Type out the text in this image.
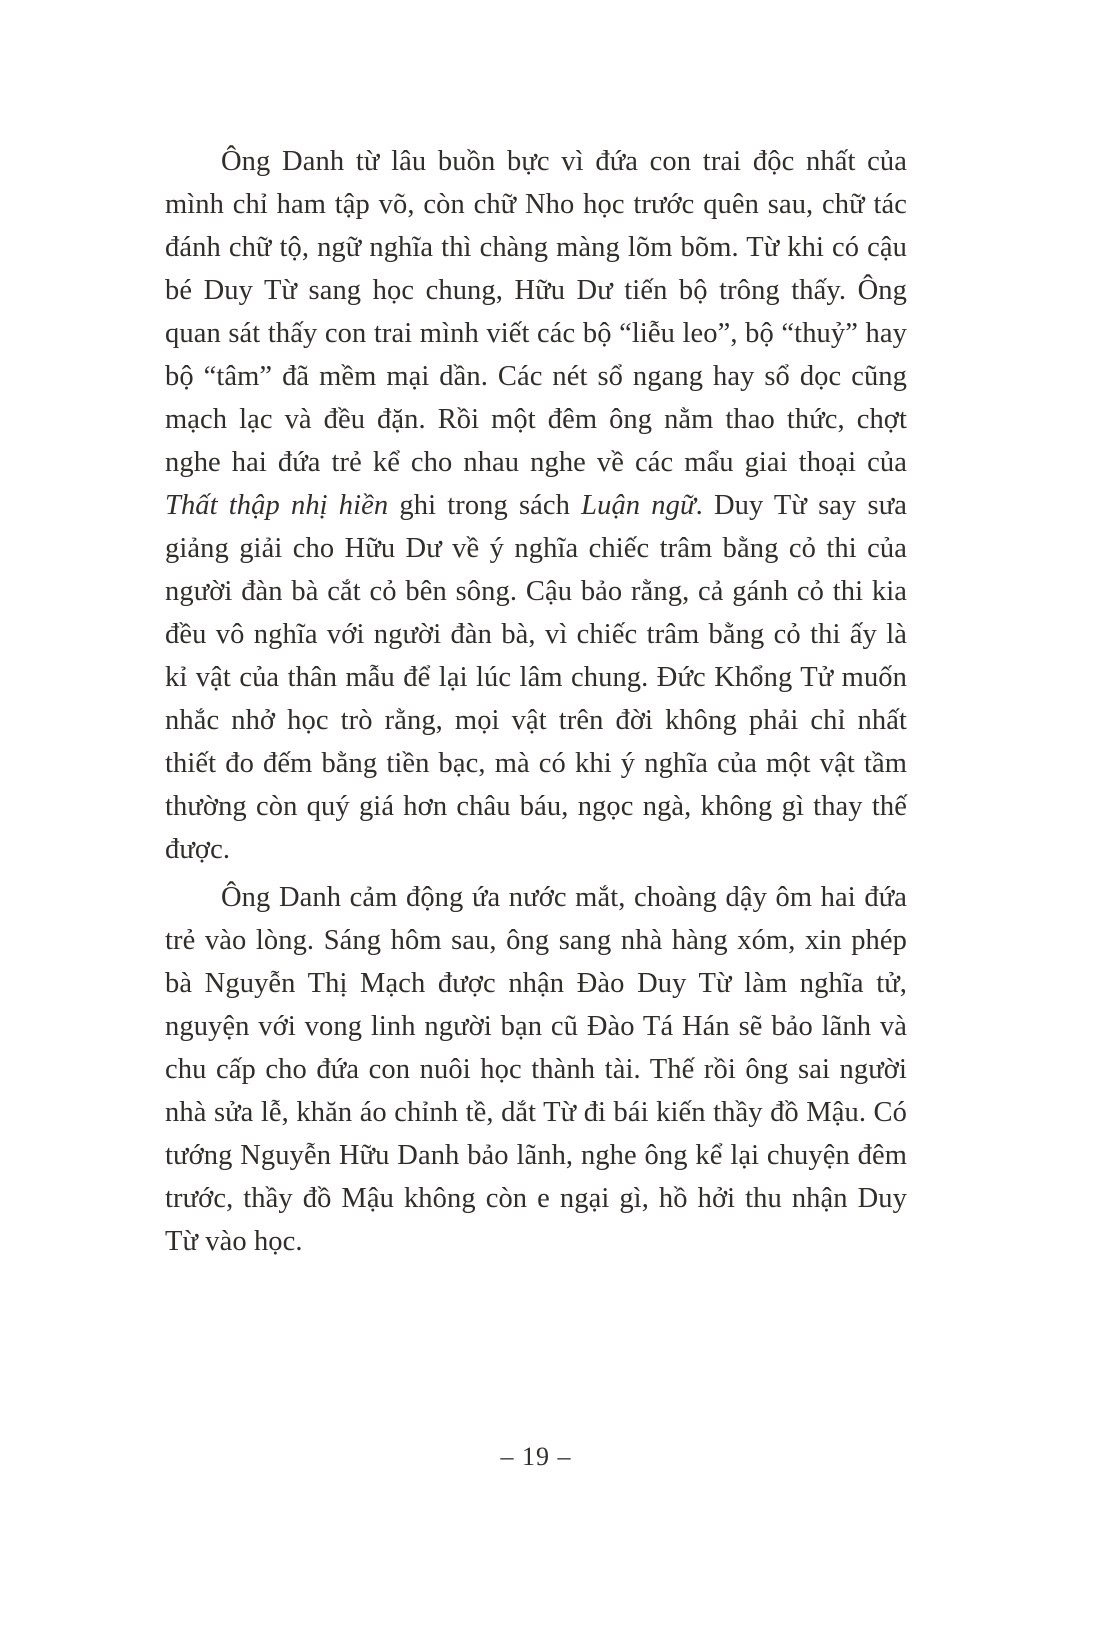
Ông Danh từ lâu buồn bực vì đứa con trai độc nhất của mình chỉ ham tập võ, còn chữ Nho học trước quên sau, chữ tác đánh chữ tộ, ngữ nghĩa thì chàng màng lõm bõm. Từ khi có cậu bé Duy Từ sang học chung, Hữu Dư tiến bộ trông thấy. Ông quan sát thấy con trai mình viết các bộ “liễu leo”, bộ “thuỷ” hay bộ “tâm” đã mềm mại dần. Các nét sổ ngang hay sổ dọc cũng mạch lạc và đều đặn. Rồi một đêm ông nằm thao thức, chợt nghe hai đứa trẻ kể cho nhau nghe về các mẩu giai thoại của Thất thập nhị hiền ghi trong sách Luận ngữ. Duy Từ say sưa giảng giải cho Hữu Dư về ý nghĩa chiếc trâm bằng cỏ thi của người đàn bà cắt cỏ bên sông. Cậu bảo rằng, cả gánh cỏ thi kia đều vô nghĩa với người đàn bà, vì chiếc trâm bằng cỏ thi ấy là kỉ vật của thân mẫu để lại lúc lâm chung. Đức Khổng Tử muốn nhắc nhở học trò rằng, mọi vật trên đời không phải chỉ nhất thiết đo đếm bằng tiền bạc, mà có khi ý nghĩa của một vật tầm thường còn quý giá hơn châu báu, ngọc ngà, không gì thay thế được.

Ông Danh cảm động ứa nước mắt, choàng dậy ôm hai đứa trẻ vào lòng. Sáng hôm sau, ông sang nhà hàng xóm, xin phép bà Nguyễn Thị Mạch được nhận Đào Duy Từ làm nghĩa tử, nguyện với vong linh người bạn cũ Đào Tá Hán sẽ bảo lãnh và chu cấp cho đứa con nuôi học thành tài. Thế rồi ông sai người nhà sửa lễ, khăn áo chỉnh tề, dắt Từ đi bái kiến thầy đồ Mậu. Có tướng Nguyễn Hữu Danh bảo lãnh, nghe ông kể lại chuyện đêm trước, thầy đồ Mậu không còn e ngại gì, hồ hởi thu nhận Duy Từ vào học.

– 19 –
